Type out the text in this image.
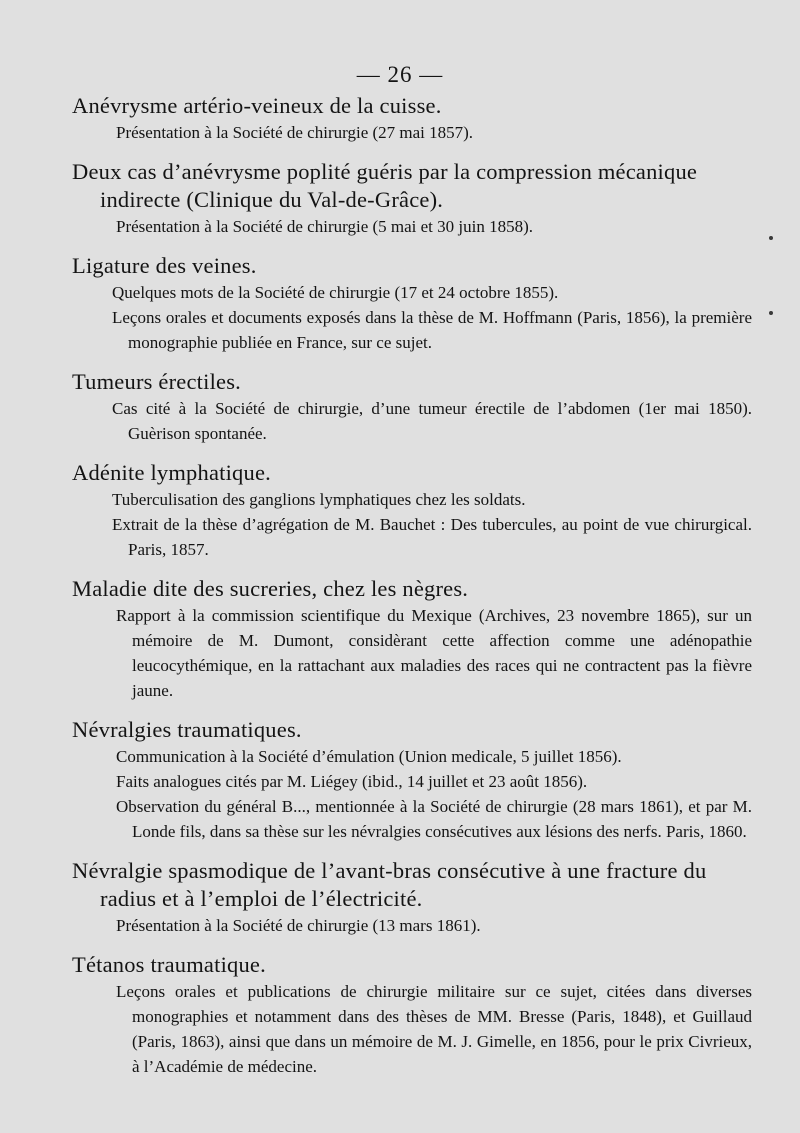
— 26 —
Anévrysme artério-veineux de la cuisse.
Présentation à la Société de chirurgie (27 mai 1857).
Deux cas d’anévrysme poplité guéris par la compression mécanique indirecte (Clinique du Val-de-Grâce).
Présentation à la Société de chirurgie (5 mai et 30 juin 1858).
Ligature des veines.
Quelques mots de la Société de chirurgie (17 et 24 octobre 1855).
Leçons orales et documents exposés dans la thèse de M. Hoffmann (Paris, 1856), la première monographie publiée en France, sur ce sujet.
Tumeurs érectiles.
Cas cité à la Société de chirurgie, d’une tumeur érectile de l’abdomen (1er mai 1850). Guèrison spontanée.
Adénite lymphatique.
Tuberculisation des ganglions lymphatiques chez les soldats.
Extrait de la thèse d’agrégation de M. Bauchet : Des tubercules, au point de vue chirurgical. Paris, 1857.
Maladie dite des sucreries, chez les nègres.
Rapport à la commission scientifique du Mexique (Archives, 23 novembre 1865), sur un mémoire de M. Dumont, considèrant cette affection comme une adénopathie leucocythémique, en la rattachant aux maladies des races qui ne contractent pas la fièvre jaune.
Névralgies traumatiques.
Communication à la Société d’émulation (Union medicale, 5 juillet 1856).
Faits analogues cités par M. Liégey (ibid., 14 juillet et 23 août 1856).
Observation du général B..., mentionnée à la Société de chirurgie (28 mars 1861), et par M. Londe fils, dans sa thèse sur les névralgies consécutives aux lésions des nerfs. Paris, 1860.
Névralgie spasmodique de l’avant-bras consécutive à une fracture du radius et à l’emploi de l’électricité.
Présentation à la Société de chirurgie (13 mars 1861).
Tétanos traumatique.
Leçons orales et publications de chirurgie militaire sur ce sujet, citées dans diverses monographies et notamment dans des thèses de MM. Bresse (Paris, 1848), et Guillaud (Paris, 1863), ainsi que dans un mémoire de M. J. Gimelle, en 1856, pour le prix Civrieux, à l’Académie de médecine.
